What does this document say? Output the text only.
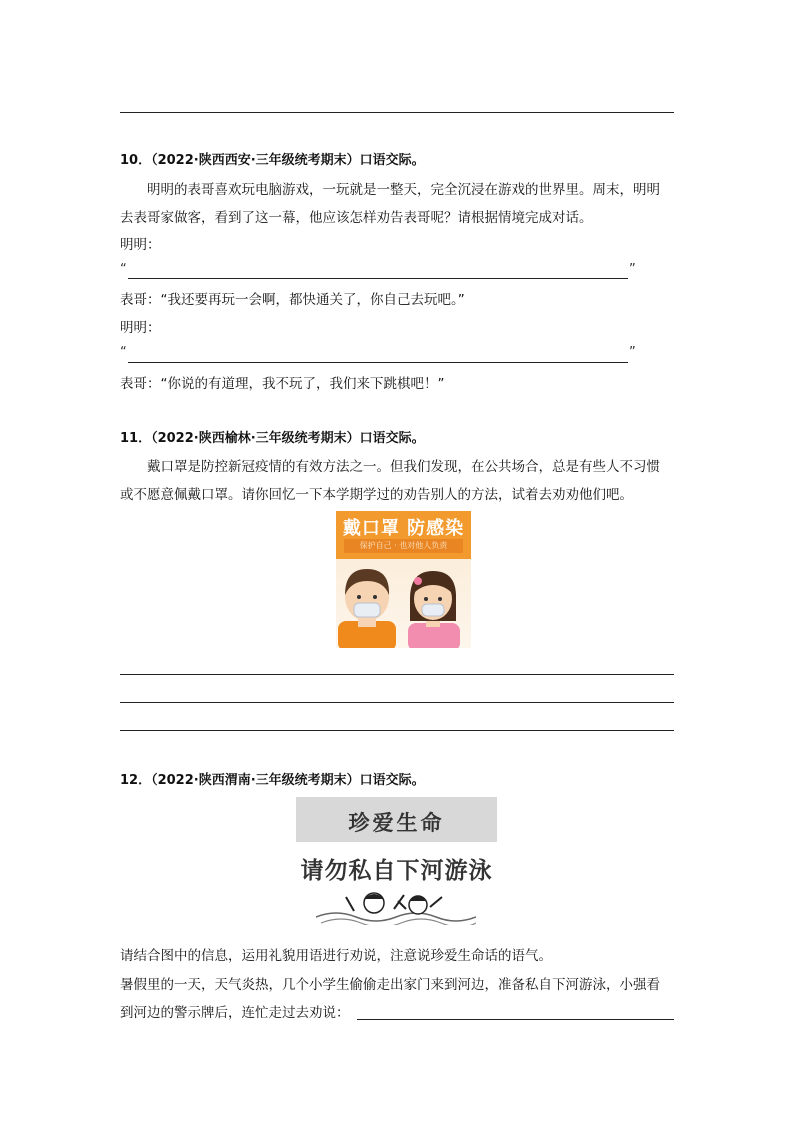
10．（2022·陕西西安·三年级统考期末）口语交际。
明明的表哥喜欢玩电脑游戏，一玩就是一整天，完全沉浸在游戏的世界里。周末，明明
去表哥家做客，看到了这一幕，他应该怎样劝告表哥呢？请根据情境完成对话。
明明：
“	”
表哥：“我还要再玩一会啊，都快通关了，你自己去玩吧。”
明明：
“	”
表哥：“你说的有道理，我不玩了，我们来下跳棋吧！”
11．（2022·陕西榆林·三年级统考期末）口语交际。
戴口罩是防控新冠疫情的有效方法之一。但我们发现，在公共场合，总是有些人不习惯
或不愿意佩戴口罩。请你回忆一下本学期学过的劝告别人的方法，试着去劝劝他们吧。
戴口罩 防感染
保护自己 · 也对他人负责
12．（2022·陕西渭南·三年级统考期末）口语交际。
珍爱生命
请勿私自下河游泳
请结合图中的信息，运用礼貌用语进行劝说，注意说珍爱生命话的语气。
暑假里的一天，天气炎热，几个小学生偷偷走出家门来到河边，准备私自下河游泳，小强看
到河边的警示牌后，连忙走过去劝说：
